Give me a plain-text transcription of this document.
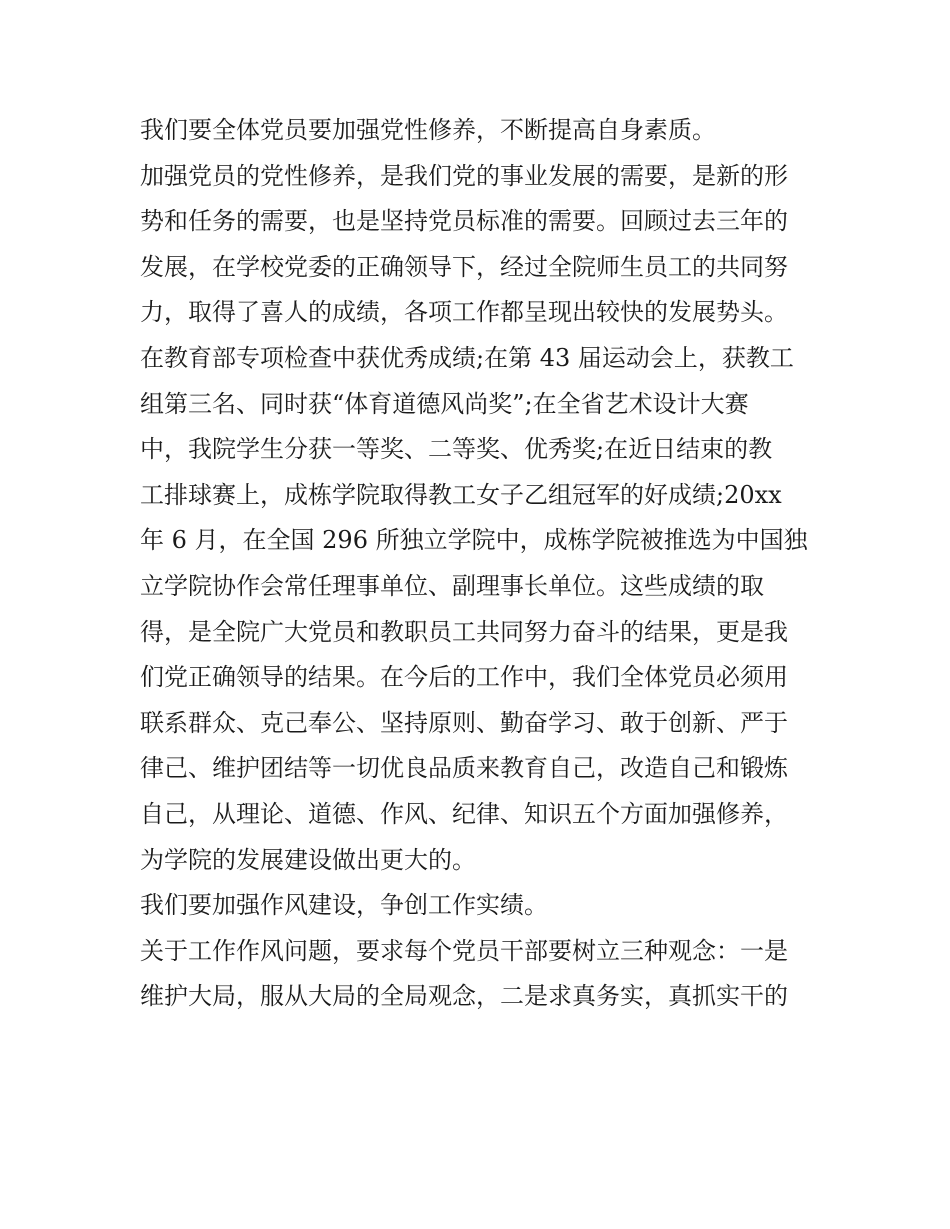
我们要全体党员要加强党性修养，不断提高自身素质。
加强党员的党性修养，是我们党的事业发展的需要，是新的形
势和任务的需要，也是坚持党员标准的需要。回顾过去三年的
发展，在学校党委的正确领导下，经过全院师生员工的共同努
力，取得了喜人的成绩，各项工作都呈现出较快的发展势头。
在教育部专项检查中获优秀成绩;在第 43 届运动会上，获教工
组第三名、同时获“体育道德风尚奖”;在全省艺术设计大赛
中，我院学生分获一等奖、二等奖、优秀奖;在近日结束的教
工排球赛上，成栋学院取得教工女子乙组冠军的好成绩;20xx
年 6 月，在全国 296 所独立学院中，成栋学院被推选为中国独
立学院协作会常任理事单位、副理事长单位。这些成绩的取
得，是全院广大党员和教职员工共同努力奋斗的结果，更是我
们党正确领导的结果。在今后的工作中，我们全体党员必须用
联系群众、克己奉公、坚持原则、勤奋学习、敢于创新、严于
律己、维护团结等一切优良品质来教育自己，改造自己和锻炼
自己，从理论、道德、作风、纪律、知识五个方面加强修养，
为学院的发展建设做出更大的。
我们要加强作风建设，争创工作实绩。
关于工作作风问题，要求每个党员干部要树立三种观念：一是
维护大局，服从大局的全局观念，二是求真务实，真抓实干的
